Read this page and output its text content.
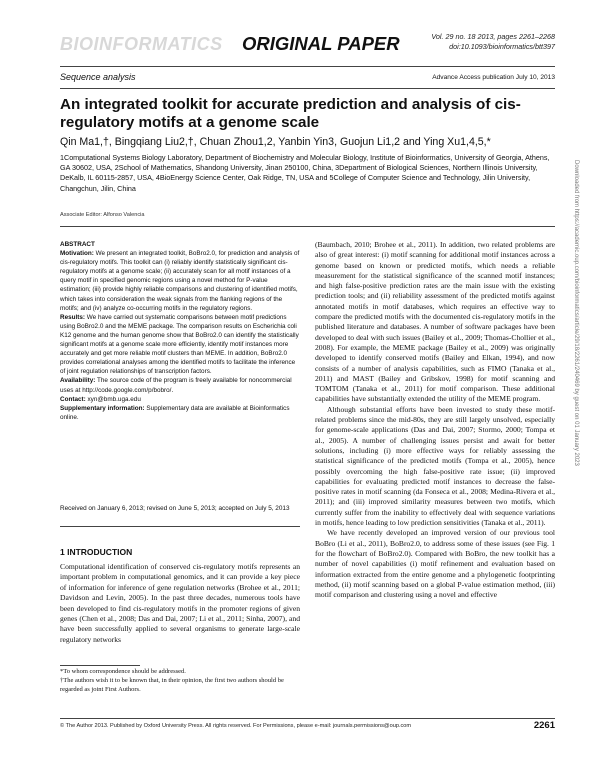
BIOINFORMATICS ORIGINAL PAPER	Vol. 29 no. 18 2013, pages 2261–2268
doi:10.1093/bioinformatics/btt397
Sequence analysis	Advance Access publication July 10, 2013
An integrated toolkit for accurate prediction and analysis of cis-regulatory motifs at a genome scale
Qin Ma1,†, Bingqiang Liu2,†, Chuan Zhou1,2, Yanbin Yin3, Guojun Li1,2 and Ying Xu1,4,5,*
1Computational Systems Biology Laboratory, Department of Biochemistry and Molecular Biology, Institute of Bioinformatics, University of Georgia, Athens, GA 30602, USA, 2School of Mathematics, Shandong University, Jinan 250100, China, 3Department of Biological Sciences, Northern Illinois University, DeKalb, IL 60115-2857, USA, 4BioEnergy Science Center, Oak Ridge, TN, USA and 5College of Computer Science and Technology, Jilin University, Changchun, Jilin, China
Associate Editor: Alfonso Valencia

ABSTRACT

Motivation: We present an integrated toolkit, BoBro2.0, for prediction and analysis of cis-regulatory motifs. This toolkit can (i) reliably identify statistically significant cis-regulatory motifs at a genome scale; (ii) accurately scan for all motif instances of a query motif in specified genomic regions using a novel method for P-value estimation; (iii) provide highly reliable comparisons and clustering of identified motifs, which takes into consideration the weak signals from the flanking regions of the motifs; and (iv) analyze co-occurring motifs in the regulatory regions.

Results: We have carried out systematic comparisons between motif predictions using BoBro2.0 and the MEME package. The comparison results on Escherichia coli K12 genome and the human genome show that BoBro2.0 can identify the statistically significant motifs at a genome scale more efficiently, identify motif instances more accurately and get more reliable motif clusters than MEME. In addition, BoBro2.0 provides correlational analyses among the identified motifs to facilitate the inference of joint regulation relationships of transcription factors.

Availability: The source code of the program is freely available for noncommercial uses at http://code.google.com/p/bobro/.

Contact: xyn@bmb.uga.edu

Supplementary information: Supplementary data are available at Bioinformatics online.

Received on January 6, 2013; revised on June 5, 2013; accepted on July 5, 2013
1 INTRODUCTION
Computational identification of conserved cis-regulatory motifs represents an important problem in computational genomics, and it can provide a key piece of information for inference of gene regulation networks (Brohee et al., 2011; Davidson and Levin, 2005). In the past three decades, numerous tools have been developed to find cis-regulatory motifs in the promoter regions of given genes (Chen et al., 2008; Das and Dai, 2007; Li et al., 2011; Sinha, 2007), and have been successfully applied to several organisms to generate large-scale regulatory networks
*To whom correspondence should be addressed.
†The authors wish it to be known that, in their opinion, the first two authors should be regarded as joint First Authors.

(Baumbach, 2010; Brohee et al., 2011). In addition, two related problems are also of great interest: (i) motif scanning for additional motif instances across a genome based on known or predicted motifs, which needs a reliable measurement for the statistical significance of the scanned motif instances; and high false-positive prediction rates are the main issue with the existing prediction tools; and (ii) reliability assessment of the predicted motifs against annotated motifs in motif databases, which requires an effective way to compare the predicted motifs with the documented cis-regulatory motifs in the published literature and databases. A number of software packages have been developed to deal with such issues (Bailey et al., 2009; Thomas-Chollier et al., 2008). For example, the MEME package (Bailey et al., 2009) was originally developed to identify conserved motifs (Bailey and Elkan, 1994), and now consists of a number of analysis capabilities, such as FIMO (Tanaka et al., 2011) and MAST (Bailey and Gribskov, 1998) for motif scanning and TOMTOM (Tanaka et al., 2011) for motif comparison. These additional capabilities have substantially extended the utility of the MEME program.

Although substantial efforts have been invested to study these motif-related problems since the mid-80s, they are still largely unsolved, especially for genome-scale applications (Das and Dai, 2007; Stormo, 2000; Tompa et al., 2005). A number of challenging issues persist and await for better solutions, including (i) more effective ways for reliably assessing the statistical significance of the predicted motifs (Tompa et al., 2005), hence possibly overcoming the high false-positive rate issue; (ii) improved capabilities for evaluating predicted motif instances to decrease the false-positive rates in motif scanning (da Fonseca et al., 2008; Medina-Rivera et al., 2011); and (iii) improved similarity measures between two motifs, which currently suffer from the inability to effectively deal with sequence variations in motifs, hence leading to low prediction sensitivities (Tanaka et al., 2011).

We have recently developed an improved version of our previous tool BoBro (Li et al., 2011), BoBro2.0, to address some of these issues (see Fig. 1 for the flowchart of BoBro2.0). Compared with BoBro, the new toolkit has a number of novel capabilities (i) motif refinement and evaluation based on information extracted from the entire genome and a phylogenetic footprinting method, (ii) motif scanning based on a global P-value estimation method, (iii) motif comparison and clustering using a novel and effective

© The Author 2013. Published by Oxford University Press. All rights reserved. For Permissions, please e-mail: journals.permissions@oup.com	2261
Downloaded from https://academic.oup.com/bioinformatics/article/29/18/2261/240469 by guest on 01 January 2023
